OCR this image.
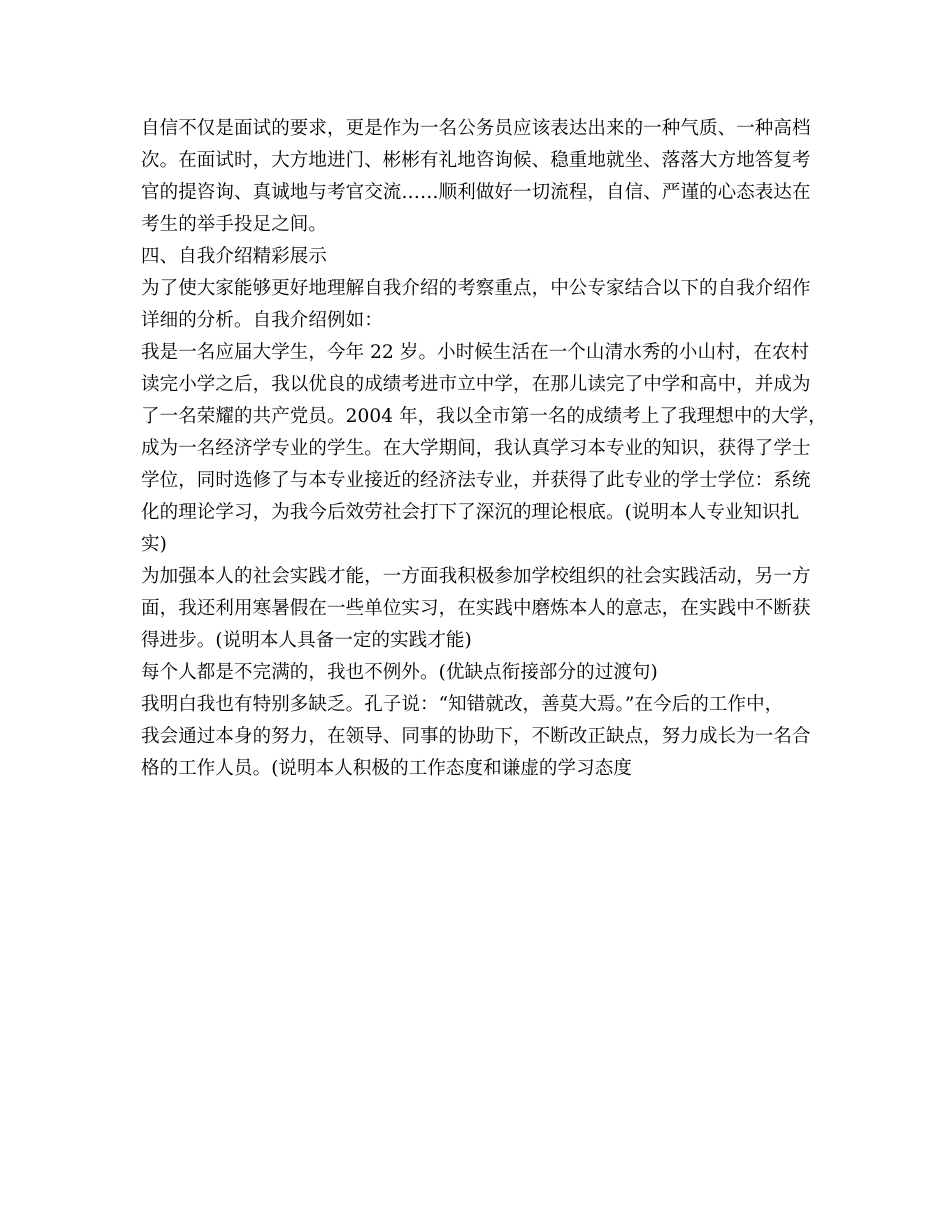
自信不仅是面试的要求，更是作为一名公务员应该表达出来的一种气质、一种高档
次。在面试时，大方地进门、彬彬有礼地咨询候、稳重地就坐、落落大方地答复考
官的提咨询、真诚地与考官交流……顺利做好一切流程，自信、严谨的心态表达在
考生的举手投足之间。
四、自我介绍精彩展示
为了使大家能够更好地理解自我介绍的考察重点，中公专家结合以下的自我介绍作
详细的分析。自我介绍例如：
我是一名应届大学生，今年 22 岁。小时候生活在一个山清水秀的小山村，在农村
读完小学之后，我以优良的成绩考进市立中学，在那儿读完了中学和高中，并成为
了一名荣耀的共产党员。2004 年，我以全市第一名的成绩考上了我理想中的大学，
成为一名经济学专业的学生。在大学期间，我认真学习本专业的知识，获得了学士
学位，同时选修了与本专业接近的经济法专业，并获得了此专业的学士学位：系统
化的理论学习，为我今后效劳社会打下了深沉的理论根底。(说明本人专业知识扎
实)
为加强本人的社会实践才能，一方面我积极参加学校组织的社会实践活动，另一方
面，我还利用寒暑假在一些单位实习，在实践中磨炼本人的意志，在实践中不断获
得进步。(说明本人具备一定的实践才能)
每个人都是不完满的，我也不例外。(优缺点衔接部分的过渡句)
我明白我也有特别多缺乏。孔子说：“知错就改，善莫大焉。”在今后的工作中，
我会通过本身的努力，在领导、同事的协助下，不断改正缺点，努力成长为一名合
格的工作人员。(说明本人积极的工作态度和谦虚的学习态度
